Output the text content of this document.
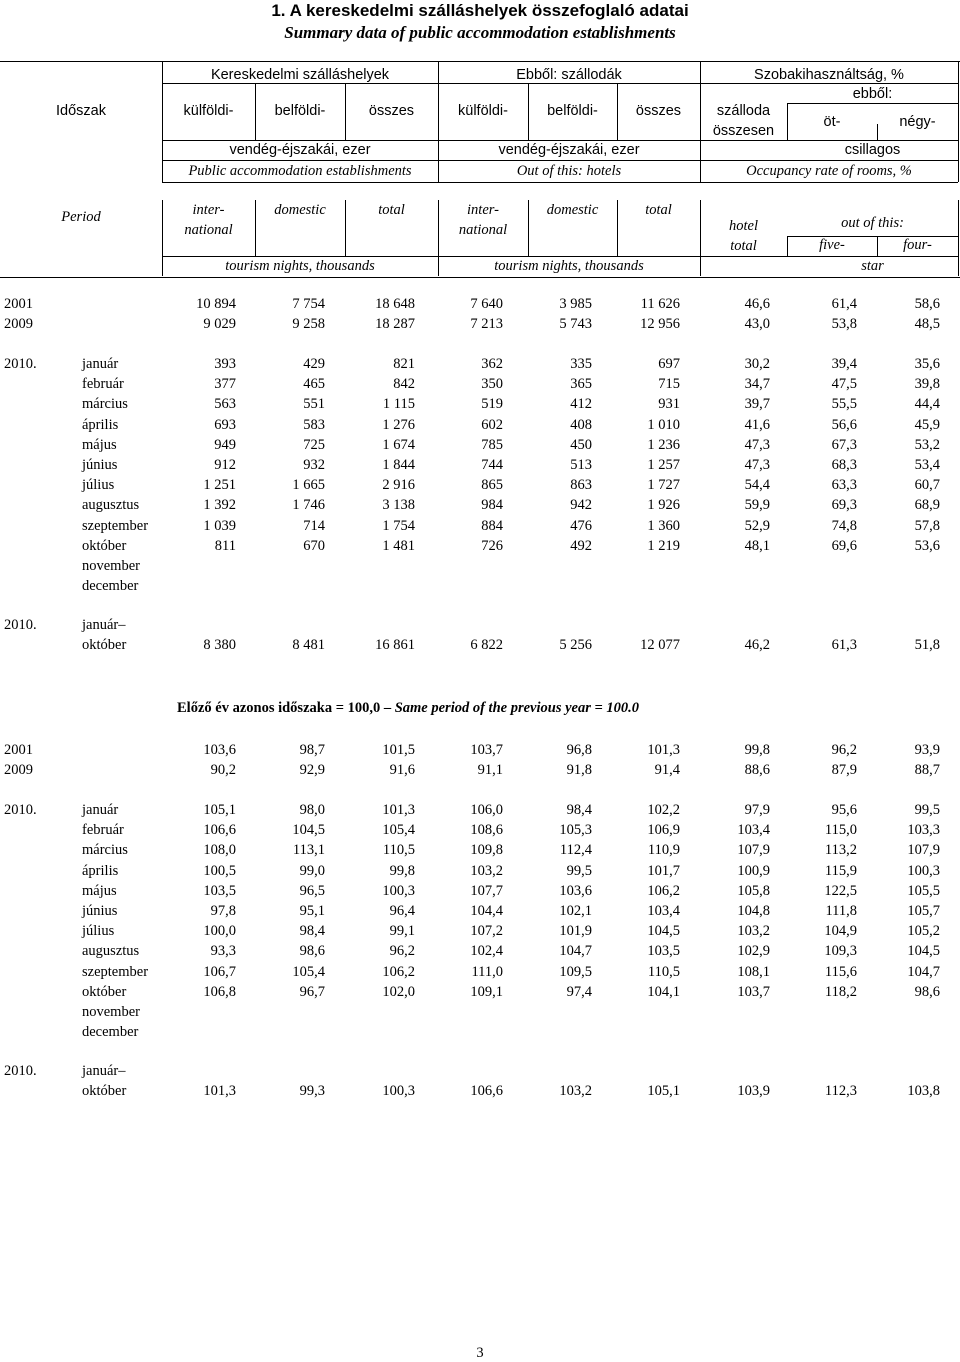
1. A kereskedelmi szálláshelyek összefoglaló adatai
Summary data of public accommodation establishments
Időszak
Kereskedelmi szálláshelyek	Ebből: szállodák	Szobakihasználtság, %
ebből:
külföldi-	belföldi-	összes	külföldi-	belföldi-	összes	szálloda
összesen
öt-	négy-
vendég-éjszakái, ezer	vendég-éjszakái, ezer	csillagos
Public accommodation establishments	Out of this: hotels	Occupancy rate of rooms, %
Period	inter-
national
domestic	total	inter-
national
domestic	total
hotel
total
out of this:
five-	four-
star
tourism nights, thousands	tourism nights, thousands
Előző év azonos időszaka = 100,0 – Same period of the previous year = 100.0
2001	10 894	7 754	18 648	7 640	3 985	11 626	46,6	61,4	58,6
2009	9 029	9 258	18 287	7 213	5 743	12 956	43,0	53,8	48,5
2010.	január	393	429	821	362	335	697	30,2	39,4	35,6
február	377	465	842	350	365	715	34,7	47,5	39,8
március	563	551	1 115	519	412	931	39,7	55,5	44,4
április	693	583	1 276	602	408	1 010	41,6	56,6	45,9
május	949	725	1 674	785	450	1 236	47,3	67,3	53,2
június	912	932	1 844	744	513	1 257	47,3	68,3	53,4
július	1 251	1 665	2 916	865	863	1 727	54,4	63,3	60,7
augusztus	1 392	1 746	3 138	984	942	1 926	59,9	69,3	68,9
szeptember	1 039	714	1 754	884	476	1 360	52,9	74,8	57,8
október	811	670	1 481	726	492	1 219	48,1	69,6	53,6
november
december
2010.	január–
október	8 380	8 481	16 861	6 822	5 256	12 077	46,2	61,3	51,8
2001	103,6	98,7	101,5	103,7	96,8	101,3	99,8	96,2	93,9
2009	90,2	92,9	91,6	91,1	91,8	91,4	88,6	87,9	88,7
2010.	január	105,1	98,0	101,3	106,0	98,4	102,2	97,9	95,6	99,5
február	106,6	104,5	105,4	108,6	105,3	106,9	103,4	115,0	103,3
március	108,0	113,1	110,5	109,8	112,4	110,9	107,9	113,2	107,9
április	100,5	99,0	99,8	103,2	99,5	101,7	100,9	115,9	100,3
május	103,5	96,5	100,3	107,7	103,6	106,2	105,8	122,5	105,5
június	97,8	95,1	96,4	104,4	102,1	103,4	104,8	111,8	105,7
július	100,0	98,4	99,1	107,2	101,9	104,5	103,2	104,9	105,2
augusztus	93,3	98,6	96,2	102,4	104,7	103,5	102,9	109,3	104,5
szeptember	106,7	105,4	106,2	111,0	109,5	110,5	108,1	115,6	104,7
október	106,8	96,7	102,0	109,1	97,4	104,1	103,7	118,2	98,6
november
december
2010.	január–
október	101,3	99,3	100,3	106,6	103,2	105,1	103,9	112,3	103,8
3
